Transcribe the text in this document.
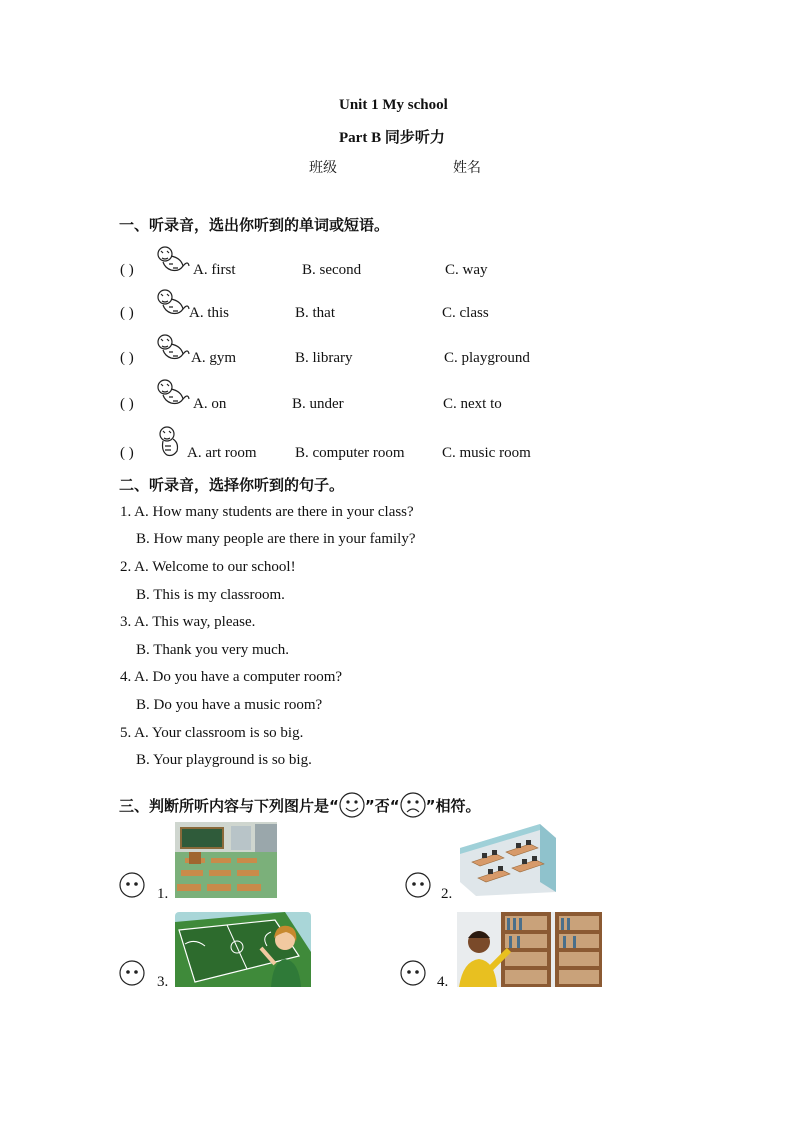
Unit 1 My school
Part B 同步听力
班级	姓名
一、听录音，选出你听到的单词或短语。
( )	A. first	B. second	C. way
( )	A. this	B. that	C. class
( )	A. gym	B. library	C. playground
( )	A. on	B. under	C. next to
( )	A. art room	B. computer room C. music room
二、听录音，选择你听到的句子。
1. A. How many students are there in your class?
B. How many people are there in your family?
2. A. Welcome to our school!
B. This is my classroom.
3. A. This way, please.
B. Thank you very much.
4. A. Do you have a computer room?
B. Do you have a music room?
5. A. Your classroom is so big.
B. Your playground is so big.
三、判断所听内容与下列图片是“ ”否“ ”相符。
1.	2.
3.	4.
